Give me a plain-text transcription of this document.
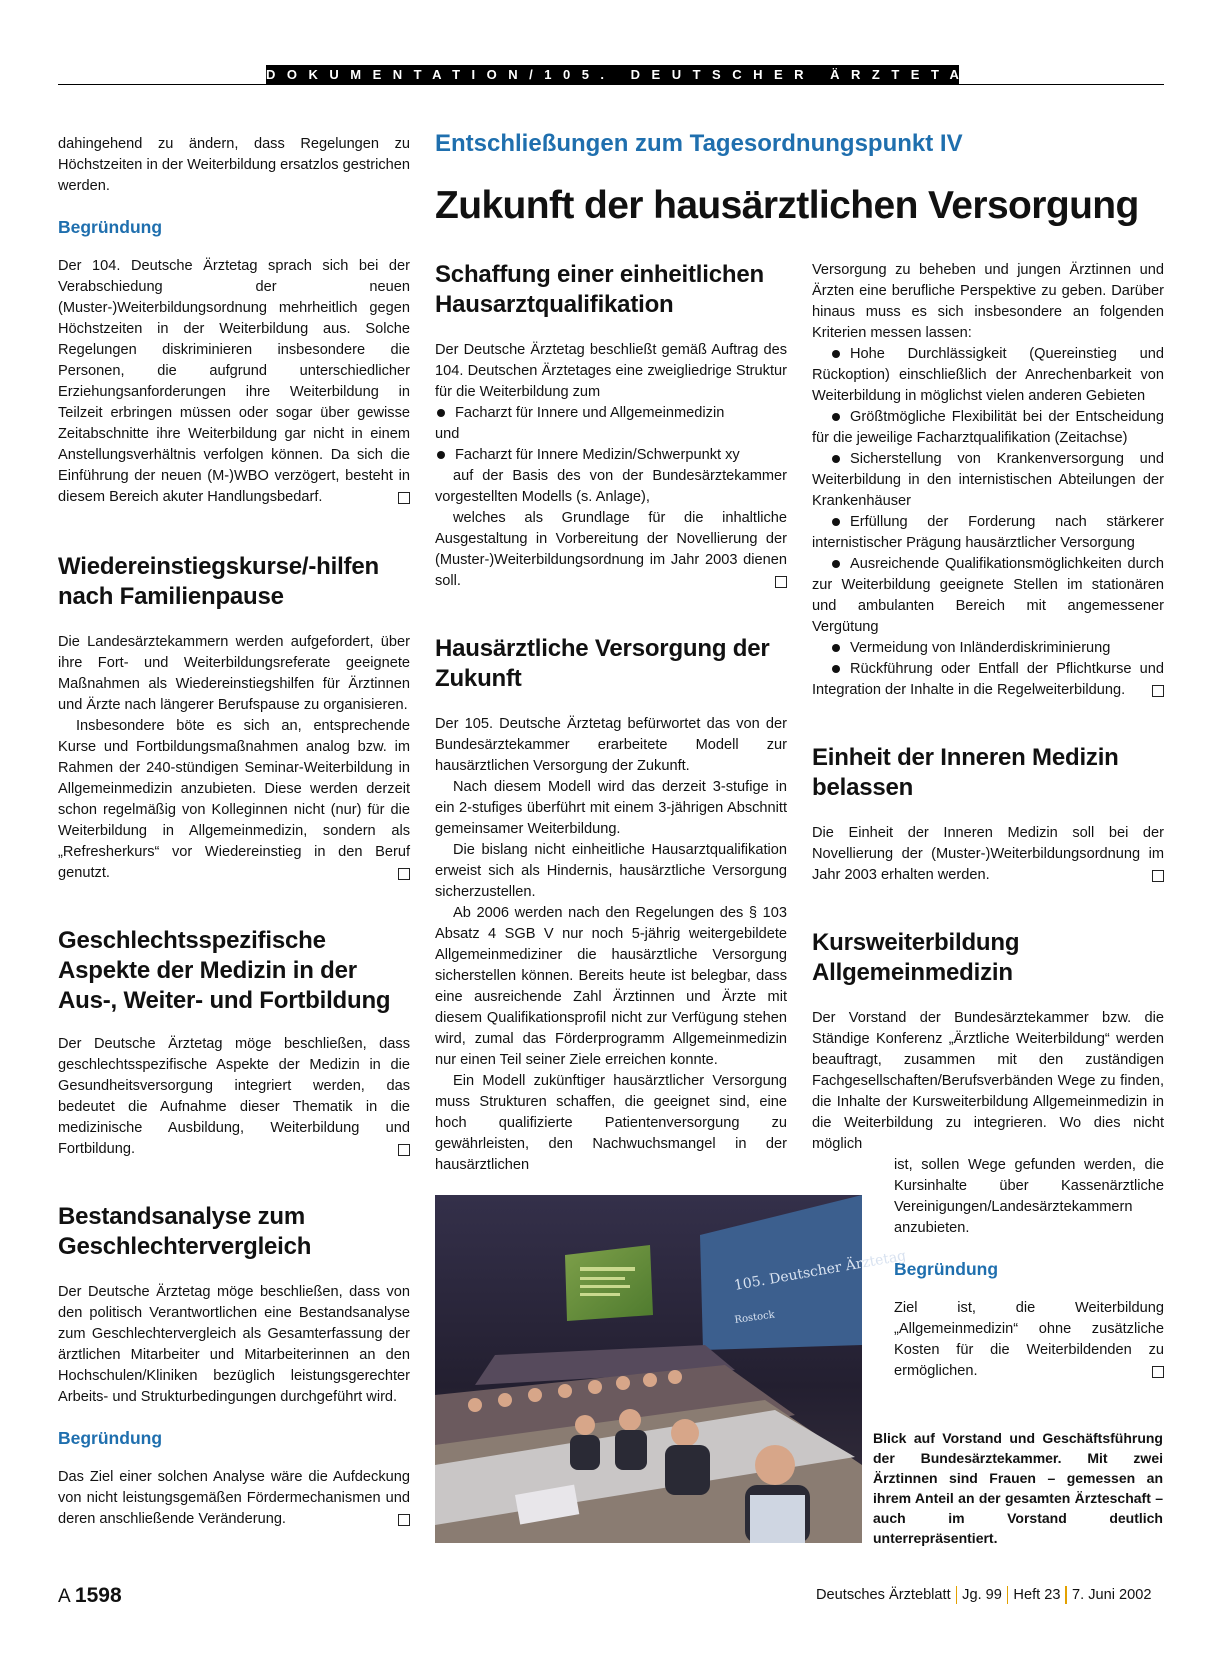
DOKUMENTATION/105. DEUTSCHER ÄRZTETAG
Entschließungen zum Tagesordnungspunkt IV
Zukunft der hausärztlichen Versorgung

dahingehend zu ändern, dass Regelungen zu Höchstzeiten in der Weiterbildung ersatzlos gestrichen werden.

Begründung

Der 104. Deutsche Ärztetag sprach sich bei der Verabschiedung der neuen (Muster-)Weiterbildungsordnung mehrheitlich gegen Höchstzeiten in der Weiterbildung aus. Solche Regelungen diskriminieren insbesondere die Personen, die aufgrund unterschiedlicher Erziehungsanforderungen ihre Weiterbildung in Teilzeit erbringen müssen oder sogar über gewisse Zeitabschnitte ihre Weiterbildung gar nicht in einem Anstellungsverhältnis verfolgen können. Da sich die Einführung der neuen (M-)WBO verzögert, besteht in diesem Bereich akuter Handlungsbedarf.

Wiedereinstiegskurse/-hilfen nach Familienpause

Die Landesärztekammern werden aufgefordert, über ihre Fort- und Weiterbildungsreferate geeignete Maßnahmen als Wiedereinstiegshilfen für Ärztinnen und Ärzte nach längerer Berufspause zu organisieren.

Insbesondere böte es sich an, entsprechende Kurse und Fortbildungsmaßnahmen analog bzw. im Rahmen der 240-stündigen Seminar-Weiterbildung in Allgemeinmedizin anzubieten. Diese werden derzeit schon regelmäßig von Kolleginnen nicht (nur) für die Weiterbildung in Allgemeinmedizin, sondern als „Refresherkurs“ vor Wiedereinstieg in den Beruf genutzt.

Geschlechtsspezifische Aspekte der Medizin in der Aus-, Weiter- und Fortbildung

Der Deutsche Ärztetag möge beschließen, dass geschlechtsspezifische Aspekte der Medizin in die Gesundheitsversorgung integriert werden, das bedeutet die Aufnahme dieser Thematik in die medizinische Ausbildung, Weiterbildung und Fortbildung.

Bestandsanalyse zum Geschlechtervergleich

Der Deutsche Ärztetag möge beschließen, dass von den politisch Verantwortlichen eine Bestandsanalyse zum Geschlechtervergleich als Gesamterfassung der ärztlichen Mitarbeiter und Mitarbeiterinnen an den Hochschulen/Kliniken bezüglich leistungsgerechter Arbeits- und Strukturbedingungen durchgeführt wird.

Begründung

Das Ziel einer solchen Analyse wäre die Aufdeckung von nicht leistungsgemäßen Fördermechanismen und deren anschließende Veränderung.

Schaffung einer einheitlichen Hausarztqualifikation

Der Deutsche Ärztetag beschließt gemäß Auftrag des 104. Deutschen Ärztetages eine zweigliedrige Struktur für die Weiterbildung zum

Facharzt für Innere und Allgemeinmedizin

und

Facharzt für Innere Medizin/Schwerpunkt xy

auf der Basis des von der Bundesärztekammer vorgestellten Modells (s. Anlage),

welches als Grundlage für die inhaltliche Ausgestaltung in Vorbereitung der Novellierung der (Muster-)Weiterbildungsordnung im Jahr 2003 dienen soll.

Hausärztliche Versorgung der Zukunft

Der 105. Deutsche Ärztetag befürwortet das von der Bundesärztekammer erarbeitete Modell zur hausärztlichen Versorgung der Zukunft.

Nach diesem Modell wird das derzeit 3-stufige in ein 2-stufiges überführt mit einem 3-jährigen Abschnitt gemeinsamer Weiterbildung.

Die bislang nicht einheitliche Hausarztqualifikation erweist sich als Hindernis, hausärztliche Versorgung sicherzustellen.

Ab 2006 werden nach den Regelungen des § 103 Absatz 4 SGB V nur noch 5-jährig weitergebildete Allgemeinmediziner die hausärztliche Versorgung sicherstellen können. Bereits heute ist belegbar, dass eine ausreichende Zahl Ärztinnen und Ärzte mit diesem Qualifikationsprofil nicht zur Verfügung stehen wird, zumal das Förderprogramm Allgemeinmedizin nur einen Teil seiner Ziele erreichen konnte.

Ein Modell zukünftiger hausärztlicher Versorgung muss Strukturen schaffen, die geeignet sind, eine hoch qualifizierte Patientenversorgung zu gewährleisten, den Nachwuchsmangel in der hausärztlichen

Versorgung zu beheben und jungen Ärztinnen und Ärzten eine berufliche Perspektive zu geben. Darüber hinaus muss es sich insbesondere an folgenden Kriterien messen lassen:

Hohe Durchlässigkeit (Quereinstieg und Rückoption) einschließlich der Anrechenbarkeit von Weiterbildung in möglichst vielen anderen Gebieten

Größtmögliche Flexibilität bei der Entscheidung für die jeweilige Facharztqualifikation (Zeitachse)

Sicherstellung von Krankenversorgung und Weiterbildung in den internistischen Abteilungen der Krankenhäuser

Erfüllung der Forderung nach stärkerer internistischer Prägung hausärztlicher Versorgung

Ausreichende Qualifikationsmöglichkeiten durch zur Weiterbildung geeignete Stellen im stationären und ambulanten Bereich mit angemessener Vergütung

Vermeidung von Inländerdiskriminierung

Rückführung oder Entfall der Pflichtkurse und Integration der Inhalte in die Regelweiterbildung.

Einheit der Inneren Medizin belassen

Die Einheit der Inneren Medizin soll bei der Novellierung der (Muster-)Weiterbildungsordnung im Jahr 2003 erhalten werden.

Kursweiterbildung Allgemeinmedizin

Der Vorstand der Bundesärztekammer bzw. die Ständige Konferenz „Ärztliche Weiterbildung“ werden beauftragt, zusammen mit den zuständigen Fachgesellschaften/Berufsverbänden Wege zu finden, die Inhalte der Kursweiterbildung Allgemeinmedizin in die Weiterbildung zu integrieren. Wo dies nicht möglich

ist, sollen Wege gefunden werden, die Kursinhalte über Kassenärztliche Vereinigungen/Landesärztekammern anzubieten.

Begründung

Ziel ist, die Weiterbildung „Allgemeinmedizin“ ohne zusätzliche Kosten für die Weiterbildenden zu ermöglichen.

105. Deutscher Ärztetag
Rostock
Blick auf Vorstand und Geschäftsführung der Bundesärztekammer. Mit zwei Ärztinnen sind Frauen – gemessen an ihrem Anteil an der gesamten Ärzteschaft – auch im Vorstand deutlich unterrepräsentiert.
A 1598	Deutsches Ärzteblatt Jg. 99 Heft 23 7. Juni 2002
